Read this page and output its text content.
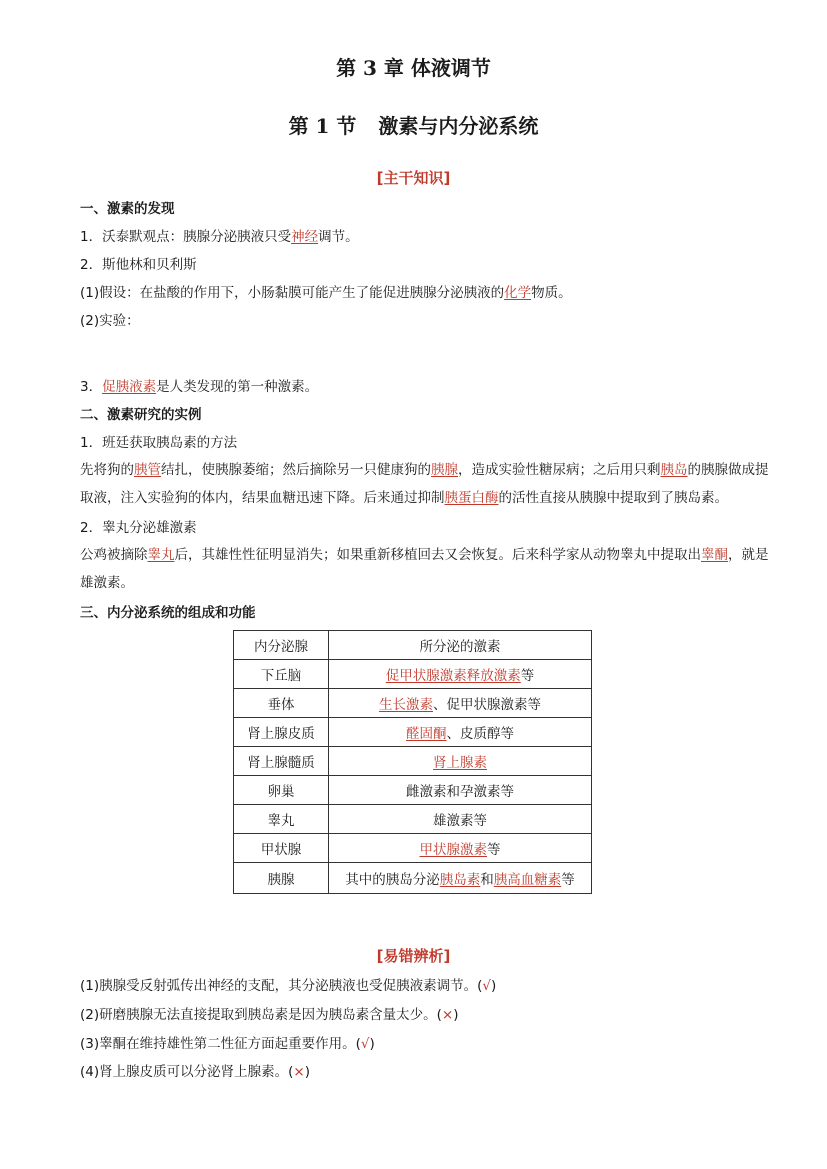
第 3 章 体液调节
第 1 节 激素与内分泌系统
[主干知识]
一、激素的发现
1．沃泰默观点：胰腺分泌胰液只受神经调节。
2．斯他林和贝利斯
(1)假设：在盐酸的作用下，小肠黏膜可能产生了能促进胰腺分泌胰液的化学物质。
(2)实验：
3．促胰液素是人类发现的第一种激素。
二、激素研究的实例
1．班廷获取胰岛素的方法
先将狗的胰管结扎，使胰腺萎缩；然后摘除另一只健康狗的胰腺，造成实验性糖尿病；之后用只剩胰岛的胰腺做成提取液，注入实验狗的体内，结果血糖迅速下降。后来通过抑制胰蛋白酶的活性直接从胰腺中提取到了胰岛素。
2．睾丸分泌雄激素
公鸡被摘除睾丸后，其雄性性征明显消失；如果重新移植回去又会恢复。后来科学家从动物睾丸中提取出睾酮，就是雄激素。
三、内分泌系统的组成和功能
内分泌腺	所分泌的激素
下丘脑	促甲状腺激素释放激素等
垂体	生长激素、促甲状腺激素等
肾上腺皮质	醛固酮、皮质醇等
肾上腺髓质	肾上腺素
卵巢	雌激素和孕激素等
睾丸	雄激素等
甲状腺	甲状腺激素等
胰腺	其中的胰岛分泌胰岛素和胰高血糖素等
[易错辨析]
(1)胰腺受反射弧传出神经的支配，其分泌胰液也受促胰液素调节。(√)
(2)研磨胰腺无法直接提取到胰岛素是因为胰岛素含量太少。(×)
(3)睾酮在维持雄性第二性征方面起重要作用。(√)
(4)肾上腺皮质可以分泌肾上腺素。(×)
